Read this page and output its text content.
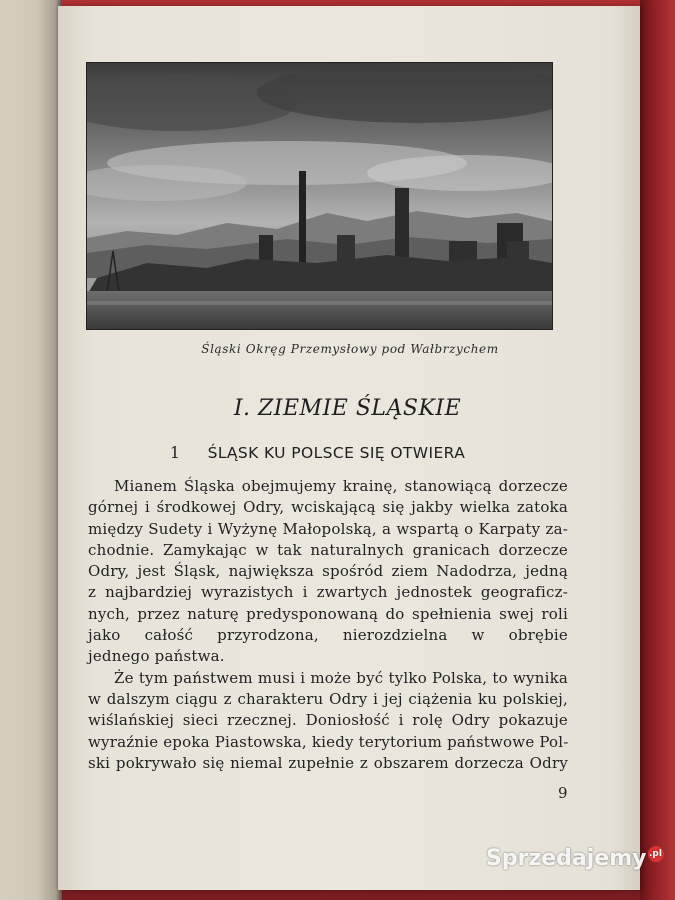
Śląski Okręg Przemysłowy pod Wałbrzychem
I. ZIEMIE ŚLĄSKIE
1 ŚLĄSK KU POLSCE SIĘ OTWIERA
Mianem Śląska obejmujemy krainę, stanowiącą dorzecze
górnej i środkowej Odry, wciskającą się jakby wielka zatoka
między Sudety i Wyżynę Małopolską, a wspartą o Karpaty za-
chodnie. Zamykając w tak naturalnych granicach dorzecze
Odry, jest Śląsk, największa spośród ziem Nadodrza, jedną
z najbardziej wyrazistych i zwartych jednostek geograficz-
nych, przez naturę predysponowaną do spełnienia swej roli
jako całość przyrodzona, nierozdzielna w obrębie
jednego państwa.
Że tym państwem musi i może być tylko Polska, to wynika
w dalszym ciągu z charakteru Odry i jej ciążenia ku polskiej,
wiślańskiej sieci rzecznej. Doniosłość i rolę Odry pokazuje
wyraźnie epoka Piastowska, kiedy terytorium państwowe Pol-
ski pokrywało się niemal zupełnie z obszarem dorzecza Odry
9
Sprzedajemy .pl
